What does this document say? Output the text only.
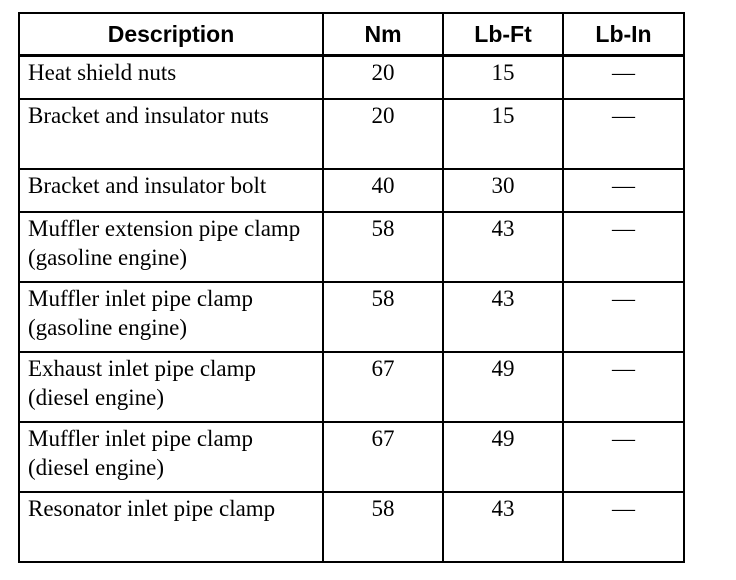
Description	Nm	Lb-Ft	Lb-In
Heat shield nuts	20	15	—
Bracket and insulator nuts	20	15	—
Bracket and insulator bolt	40	30	—
Muffler extension pipe clamp (gasoline engine)	58	43	—
Muffler inlet pipe clamp (gasoline engine)	58	43	—
Exhaust inlet pipe clamp (diesel engine)	67	49	—
Muffler inlet pipe clamp (diesel engine)	67	49	—
Resonator inlet pipe clamp	58	43	—
